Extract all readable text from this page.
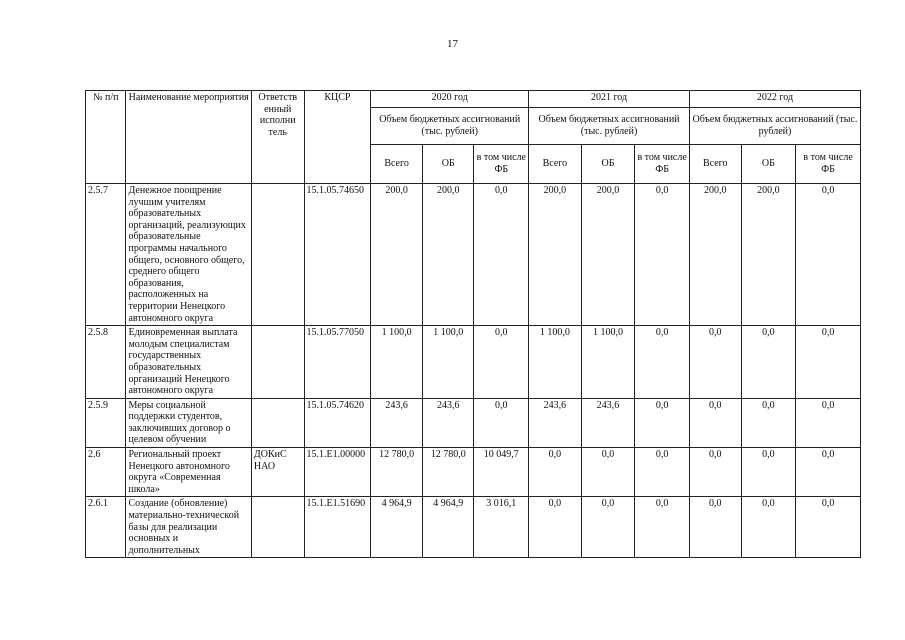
17
№ п/п	Наименование мероприятия	Ответств енный исполни тель	КЦСР	2020 год			2021 год			2022 год		
				Объем бюджетных ассигнований (тыс. рублей)			Объем бюджетных ассигнований (тыс. рублей)			Объем бюджетных ассигнований (тыс. рублей)		
				Всего	ОБ	в том числе ФБ	Всего	ОБ	в том числе ФБ	Всего	ОБ	в том числе ФБ
2.5.7	Денежное поощрение лучшим учителям образовательных организаций, реализующих образовательные программы начального общего, основного общего, среднего общего образования, расположенных на территории Ненецкого автономного округа		15.1.05.74650	200,0	200,0	0,0	200,0	200,0	0,0	200,0	200,0	0,0
2.5.8	Единовременная выплата молодым специалистам государственных образовательных организаций Ненецкого автономного округа		15.1.05.77050	1 100,0	1 100,0	0,0	1 100,0	1 100,0	0,0	0,0	0,0	0,0
2.5.9	Меры социальной поддержки студентов, заключивших договор о целевом обучении		15.1.05.74620	243,6	243,6	0,0	243,6	243,6	0,0	0,0	0,0	0,0
2.6	Региональный проект Ненецкого автономного округа «Современная школа»	ДОКиС НАО	15.1.E1.00000	12 780,0	12 780,0	10 049,7	0,0	0,0	0,0	0,0	0,0	0,0
2.6.1	Создание (обновление) материально-технической базы для реализации основных и дополнительных		15.1.E1.51690	4 964,9	4 964,9	3 016,1	0,0	0,0	0,0	0,0	0,0	0,0
